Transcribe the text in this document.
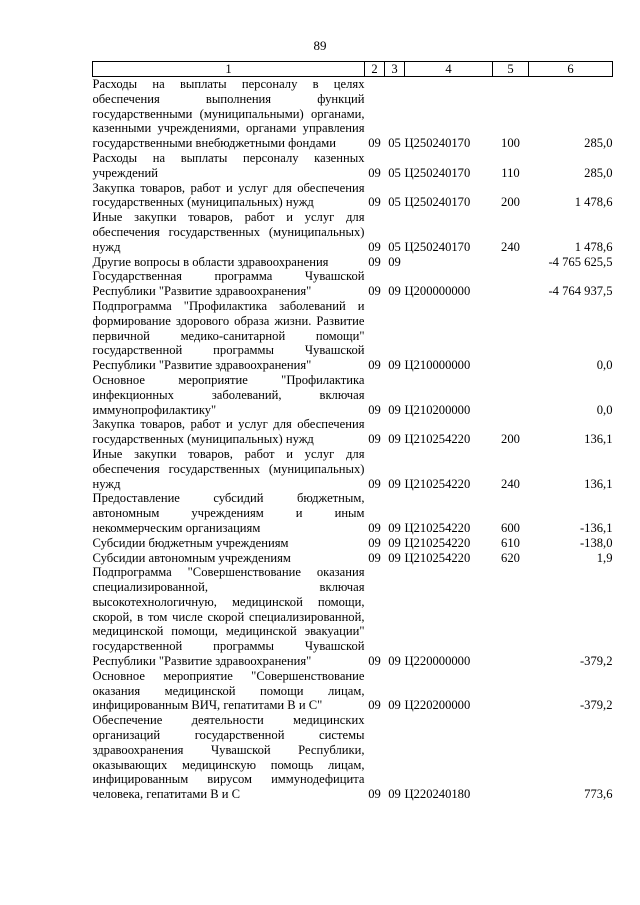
89
1	2	3	4	5	6
Расходы на выплаты персоналу в целях обеспечения выполнения функций государственными (муниципальными) органами, казенными учреждениями, органами управления государственными внебюджетными фондами	09	05	Ц250240170	100	285,0
Расходы на выплаты персоналу казенных учреждений	09	05	Ц250240170	110	285,0
Закупка товаров, работ и услуг для обеспечения государственных (муниципальных) нужд	09	05	Ц250240170	200	1 478,6
Иные закупки товаров, работ и услуг для обеспечения государственных (муниципальных) нужд	09	05	Ц250240170	240	1 478,6
Другие вопросы в области здравоохранения	09	09			-4 765 625,5
Государственная программа Чувашской Республики "Развитие здравоохранения"	09	09	Ц200000000		-4 764 937,5
Подпрограмма "Профилактика заболеваний и формирование здорового образа жизни. Развитие первичной медико-санитарной помощи" государственной программы Чувашской Республики "Развитие здравоохранения"	09	09	Ц210000000		0,0
Основное мероприятие "Профилактика инфекционных заболеваний, включая иммунопрофилактику"	09	09	Ц210200000		0,0
Закупка товаров, работ и услуг для обеспечения государственных (муниципальных) нужд	09	09	Ц210254220	200	136,1
Иные закупки товаров, работ и услуг для обеспечения государственных (муниципальных) нужд	09	09	Ц210254220	240	136,1
Предоставление субсидий бюджетным, автономным учреждениям и иным некоммерческим организациям	09	09	Ц210254220	600	-136,1
Субсидии бюджетным учреждениям	09	09	Ц210254220	610	-138,0
Субсидии автономным учреждениям	09	09	Ц210254220	620	1,9
Подпрограмма "Совершенствование оказания специализированной, включая высокотехнологичную, медицинской помощи, скорой, в том числе скорой специализированной, медицинской помощи, медицинской эвакуации" государственной программы Чувашской Республики "Развитие здравоохранения"	09	09	Ц220000000		-379,2
Основное мероприятие "Совершенствование оказания медицинской помощи лицам, инфицированным ВИЧ, гепатитами В и С"	09	09	Ц220200000		-379,2
Обеспечение деятельности медицинских организаций государственной системы здравоохранения Чувашской Республики, оказывающих медицинскую помощь лицам, инфицированным вирусом иммунодефицита человека, гепатитами В и С	09	09	Ц220240180		773,6
